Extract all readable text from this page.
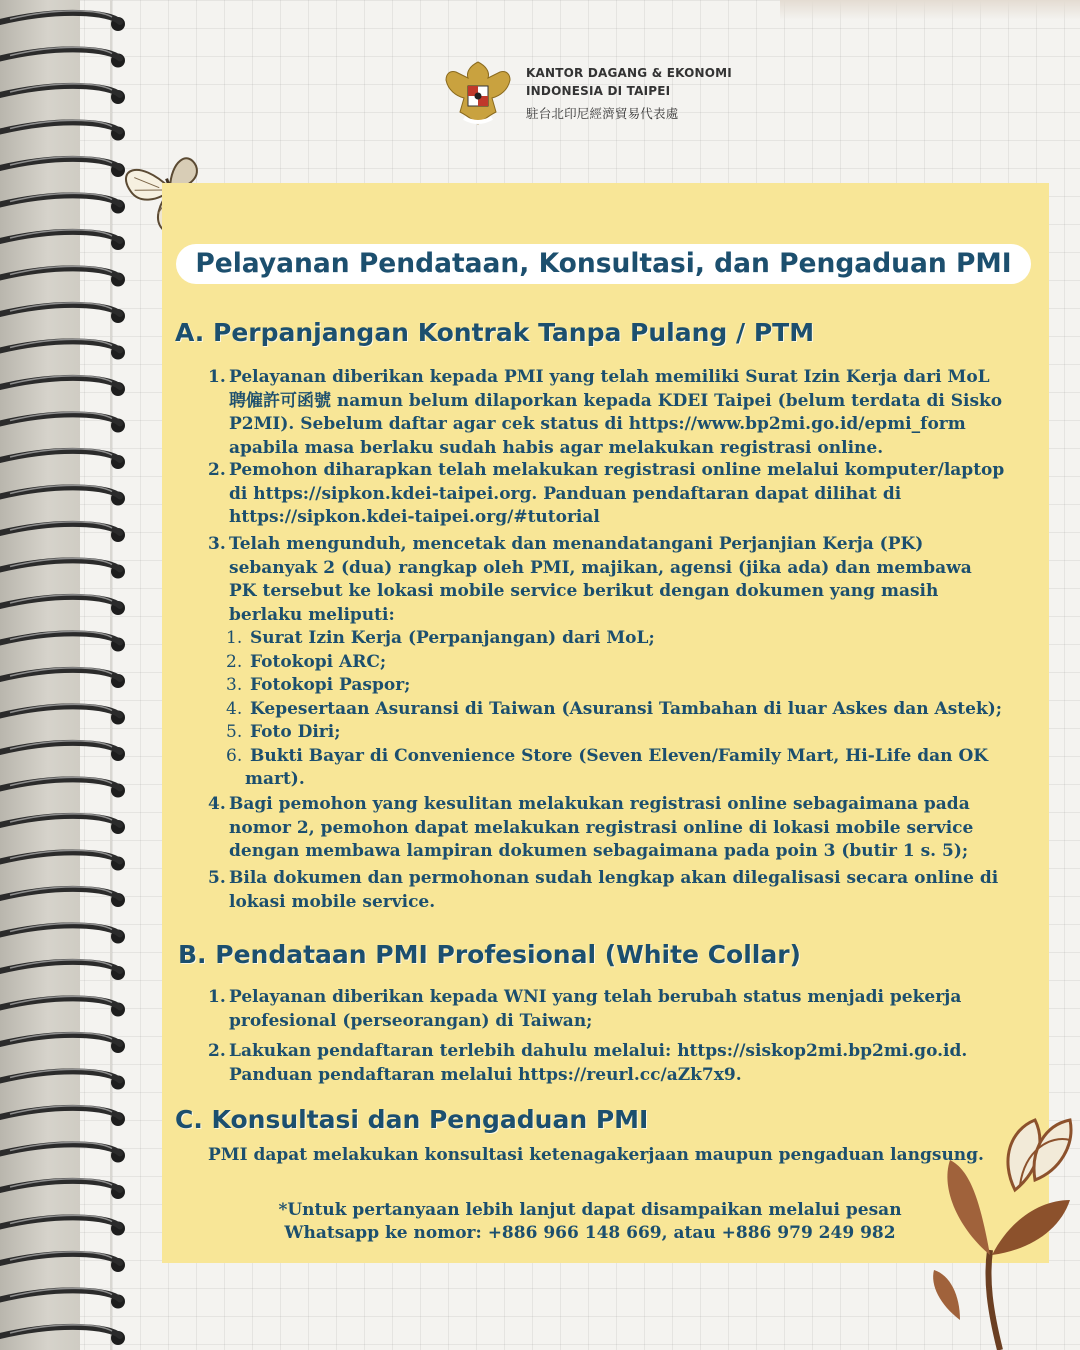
KANTOR DAGANG & EKONOMI
INDONESIA DI TAIPEI
駐台北印尼經濟貿易代表處
Pelayanan Pendataan, Konsultasi, dan Pengaduan PMI
A. Perpanjangan Kontrak Tanpa Pulang / PTM
1. Pelayanan diberikan kepada PMI yang telah memiliki Surat Izin Kerja dari MoL
聘僱許可函號 namun belum dilaporkan kepada KDEI Taipei (belum terdata di Sisko
P2MI). Sebelum daftar agar cek status di https://www.bp2mi.go.id/epmi_form
apabila masa berlaku sudah habis agar melakukan registrasi online.
2. Pemohon diharapkan telah melakukan registrasi online melalui komputer/laptop
di https://sipkon.kdei-taipei.org. Panduan pendaftaran dapat dilihat di
https://sipkon.kdei-taipei.org/#tutorial
3. Telah mengunduh, mencetak dan menandatangani Perjanjian Kerja (PK)
sebanyak 2 (dua) rangkap oleh PMI, majikan, agensi (jika ada) dan membawa
PK tersebut ke lokasi mobile service berikut dengan dokumen yang masih
berlaku meliputi:
1. Surat Izin Kerja (Perpanjangan) dari MoL;
2. Fotokopi ARC;
3. Fotokopi Paspor;
4. Kepesertaan Asuransi di Taiwan (Asuransi Tambahan di luar Askes dan Astek);
5. Foto Diri;
6. Bukti Bayar di Convenience Store (Seven Eleven/Family Mart, Hi-Life dan OK
mart).
4. Bagi pemohon yang kesulitan melakukan registrasi online sebagaimana pada
nomor 2, pemohon dapat melakukan registrasi online di lokasi mobile service
dengan membawa lampiran dokumen sebagaimana pada poin 3 (butir 1 s. 5);
5. Bila dokumen dan permohonan sudah lengkap akan dilegalisasi secara online di
lokasi mobile service.
B. Pendataan PMI Profesional (White Collar)
1. Pelayanan diberikan kepada WNI yang telah berubah status menjadi pekerja
profesional (perseorangan) di Taiwan;
2. Lakukan pendaftaran terlebih dahulu melalui: https://siskop2mi.bp2mi.go.id.
Panduan pendaftaran melalui https://reurl.cc/aZk7x9.
C. Konsultasi dan Pengaduan PMI
PMI dapat melakukan konsultasi ketenagakerjaan maupun pengaduan langsung.
*Untuk pertanyaan lebih lanjut dapat disampaikan melalui pesan
Whatsapp ke nomor: +886 966 148 669, atau +886 979 249 982
